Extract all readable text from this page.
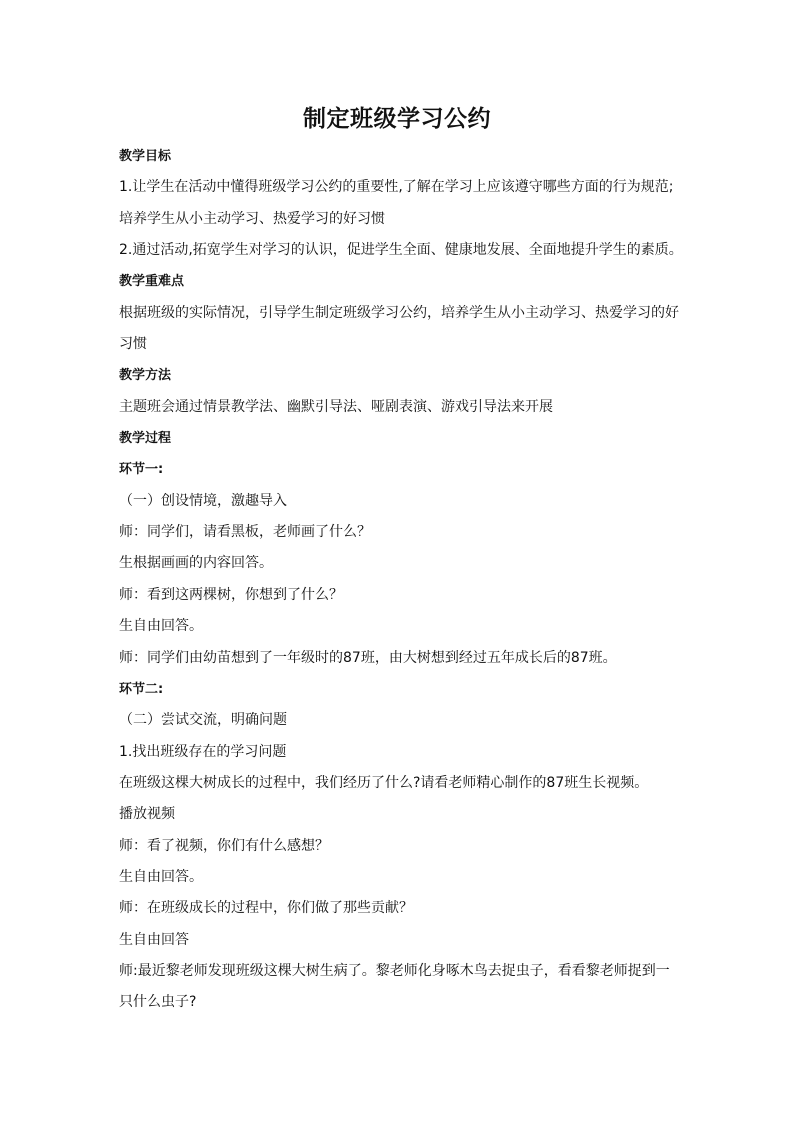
制定班级学习公约
教学目标
1.让学生在活动中懂得班级学习公约的重要性,了解在学习上应该遵守哪些方面的行为规范;
培养学生从小主动学习、热爱学习的好习惯
2.通过活动,拓宽学生对学习的认识，促进学生全面、健康地发展、全面地提升学生的素质。
教学重难点
根据班级的实际情况，引导学生制定班级学习公约，培养学生从小主动学习、热爱学习的好
习惯
教学方法
主题班会通过情景教学法、幽默引导法、哑剧表演、游戏引导法来开展
教学过程
环节一:
（一）创设情境，激趣导入
师：同学们，请看黑板，老师画了什么？
生根据画画的内容回答。
师：看到这两棵树，你想到了什么？
生自由回答。
师：同学们由幼苗想到了一年级时的87班，由大树想到经过五年成长后的87班。
环节二:
（二）尝试交流，明确问题
1.找出班级存在的学习问题
在班级这棵大树成长的过程中，我们经历了什么?请看老师精心制作的87班生长视频。
播放视频
师：看了视频，你们有什么感想？
生自由回答。
师：在班级成长的过程中，你们做了那些贡献？
生自由回答
师:最近黎老师发现班级这棵大树生病了。黎老师化身啄木鸟去捉虫子，看看黎老师捉到一
只什么虫子?
